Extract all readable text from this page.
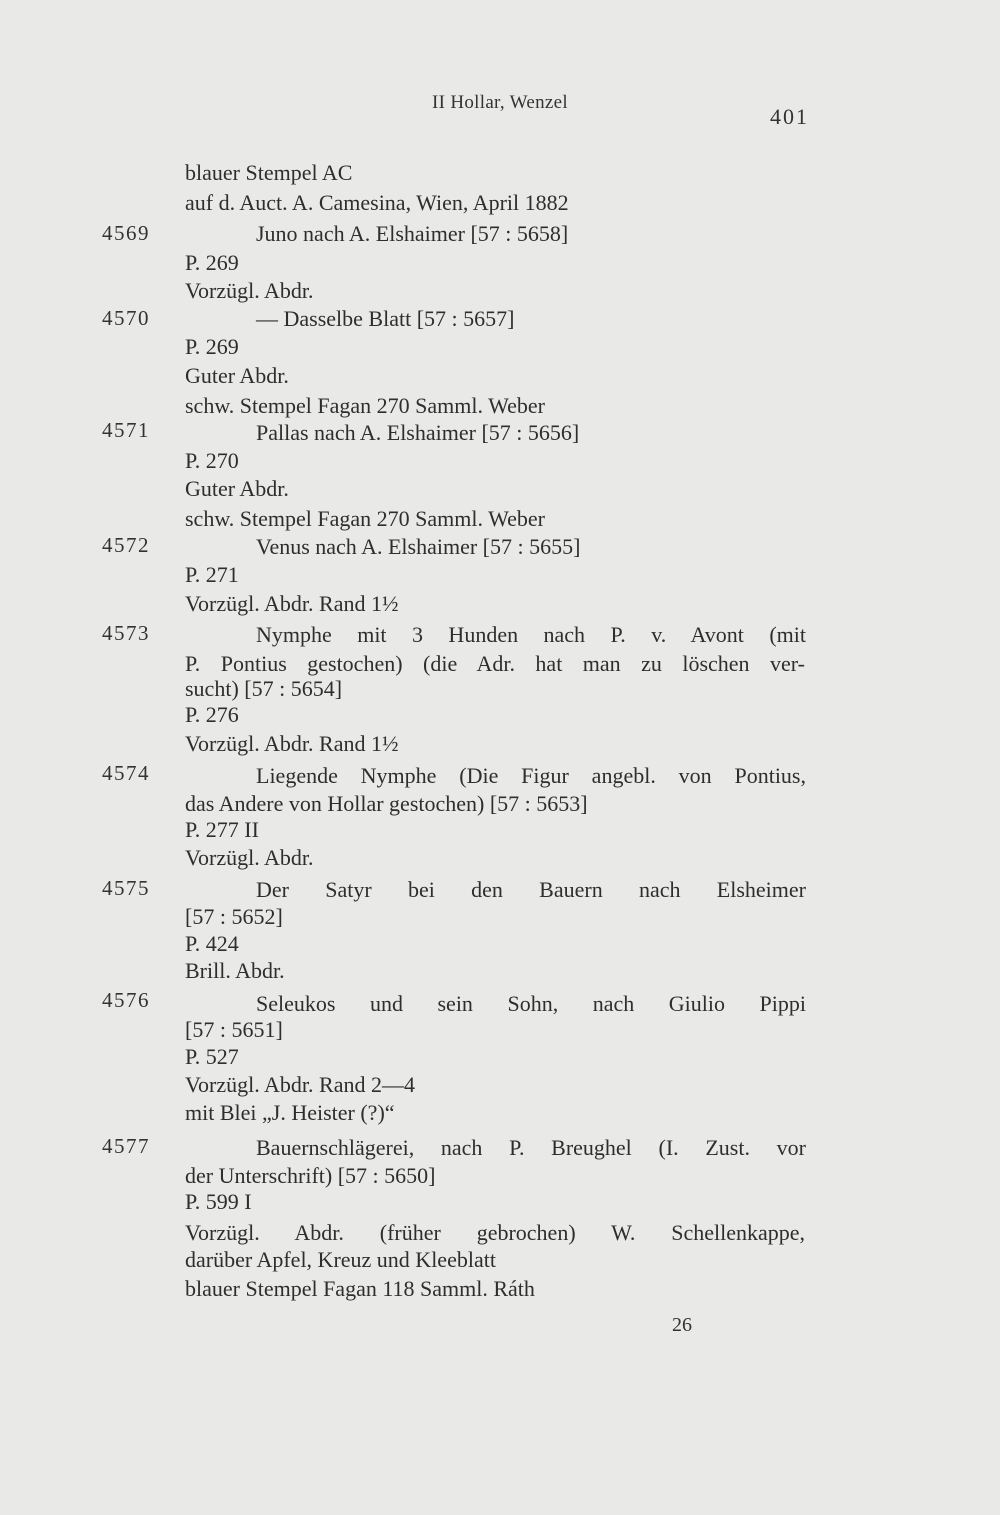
II Hollar, Wenzel
401
blauer Stempel AC
auf d. Auct. A. Camesina, Wien, April 1882
4569	Juno nach A. Elshaimer [57 : 5658]
P. 269
Vorzügl. Abdr.
4570	— Dasselbe Blatt [57 : 5657]
P. 269
Guter Abdr.
schw. Stempel Fagan 270 Samml. Weber
4571	Pallas nach A. Elshaimer [57 : 5656]
P. 270
Guter Abdr.
schw. Stempel Fagan 270 Samml. Weber
4572	Venus nach A. Elshaimer [57 : 5655]
P. 271
Vorzügl. Abdr. Rand 1½
4573	Nymphe mit 3 Hunden nach P. v. Avont (mit
P. Pontius gestochen) (die Adr. hat man zu löschen ver-
sucht) [57 : 5654]
P. 276
Vorzügl. Abdr. Rand 1½
4574	Liegende Nymphe (Die Figur angebl. von Pontius,
das Andere von Hollar gestochen) [57 : 5653]
P. 277 II
Vorzügl. Abdr.
4575	Der Satyr bei den Bauern nach Elsheimer
[57 : 5652]
P. 424
Brill. Abdr.
4576	Seleukos und sein Sohn, nach Giulio Pippi
[57 : 5651]
P. 527
Vorzügl. Abdr. Rand 2—4
mit Blei „J. Heister (?)“
4577	Bauernschlägerei, nach P. Breughel (I. Zust. vor
der Unterschrift) [57 : 5650]
P. 599 I
Vorzügl. Abdr. (früher gebrochen) W. Schellenkappe,
darüber Apfel, Kreuz und Kleeblatt
blauer Stempel Fagan 118 Samml. Ráth
26
